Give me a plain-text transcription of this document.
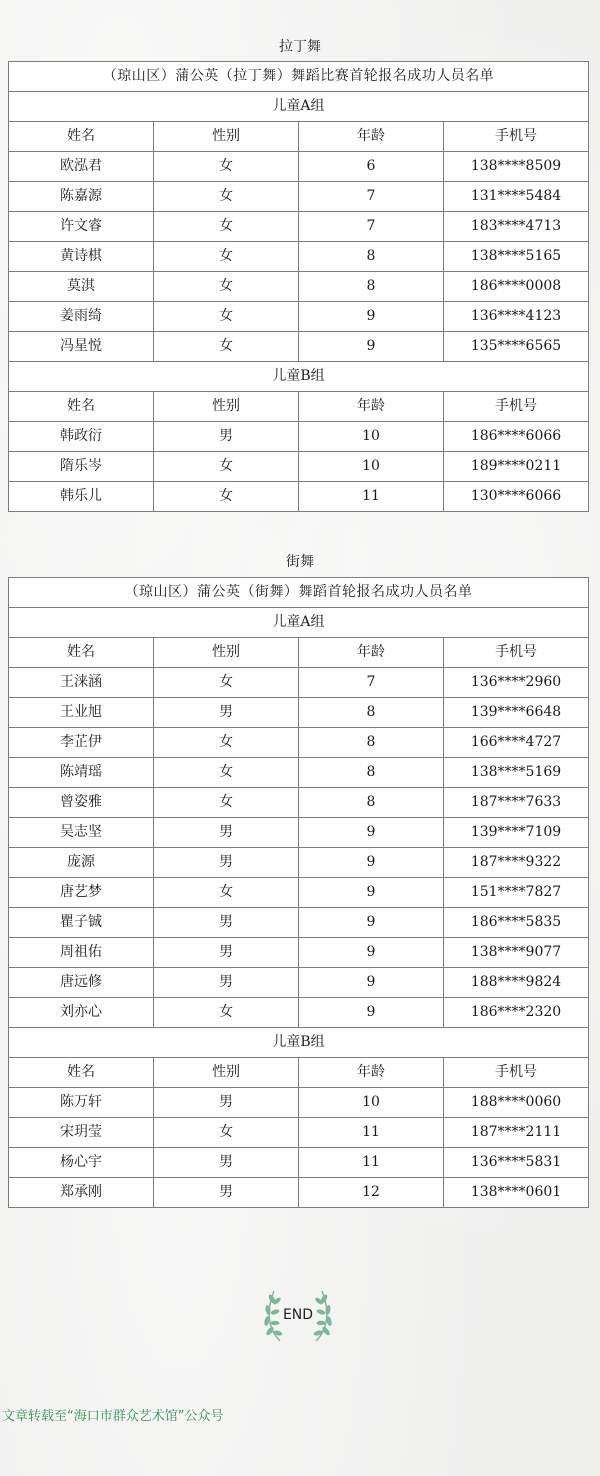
拉丁舞
（琼山区）蒲公英（拉丁舞）舞蹈比赛首轮报名成功人员名单			
儿童A组			
姓名	性别	年龄	手机号
欧泓君	女	6	138****8509
陈嘉源	女	7	131****5484
许文睿	女	7	183****4713
黄诗棋	女	8	138****5165
莫淇	女	8	186****0008
姜雨绮	女	9	136****4123
冯星悦	女	9	135****6565
儿童B组			
姓名	性别	年龄	手机号
韩政衍	男	10	186****6066
隋乐岑	女	10	189****0211
韩乐儿	女	11	130****6066
街舞
（琼山区）蒲公英（街舞）舞蹈首轮报名成功人员名单			
儿童A组			
姓名	性别	年龄	手机号
王涞涵	女	7	136****2960
王业旭	男	8	139****6648
李芷伊	女	8	166****4727
陈靖瑶	女	8	138****5169
曾姿雅	女	8	187****7633
吴志坚	男	9	139****7109
庞源	男	9	187****9322
唐艺梦	女	9	151****7827
瞿子铖	男	9	186****5835
周祖佑	男	9	138****9077
唐远修	男	9	188****9824
刘亦心	女	9	186****2320
儿童B组			
姓名	性别	年龄	手机号
陈万轩	男	10	188****0060
宋玥莹	女	11	187****2111
杨心宇	男	11	136****5831
郑承刚	男	12	138****0601
END
文章转载至“海口市群众艺术馆”公众号
